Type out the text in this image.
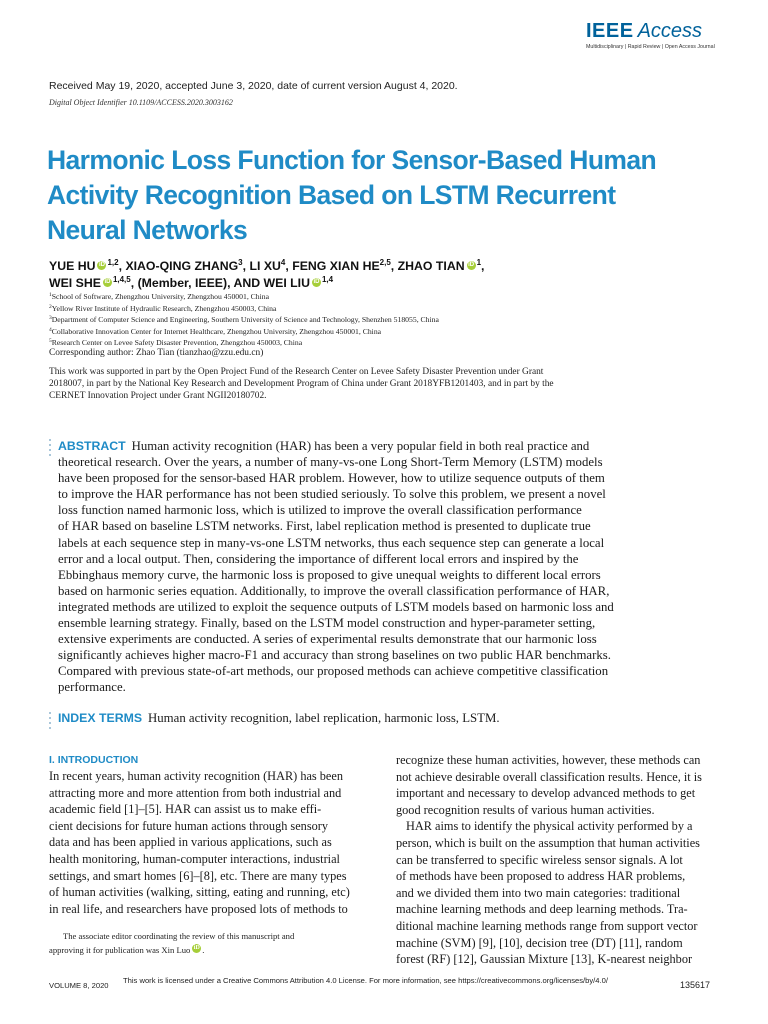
IEEE Access
Multidisciplinary | Rapid Review | Open Access Journal
Received May 19, 2020, accepted June 3, 2020, date of current version August 4, 2020.
Digital Object Identifier 10.1109/ACCESS.2020.3003162
Harmonic Loss Function for Sensor-Based Human
Activity Recognition Based on LSTM Recurrent
Neural Networks
YUE HU iD $^{1,2}$, XIAO-QING ZHANG$^3$, LI $XU^4$, FENG XIAN HE$^{2,5}$, ZHAO TIAN iD $^1$,
WEI SHE iD $^{1,4,5}$, (Member, IEEE), AND WEI LIU iD $^{1,4}$
$^1$School of Software, Zhengzhou University, Zhengzhou 450001, China
$^2$Yellow River Institute of Hydraulic Research, Zhengzhou 450003, China
$^3$Department of Computer Science and Engineering, Southern University of Science and Technology, Shenzhen 518055, China
$^4$Collaborative Innovation Center for Internet Healthcare, Zhengzhou University, Zhengzhou 450001, China
$^5$Research Center on Levee Safety Disaster Prevention, Zhengzhou 450003, China
Corresponding author: Zhao Tian (tianzhao@zzu.edu.cn)
This work was supported in part by the Open Project Fund of the Research Center on Levee Safety Disaster Prevention under Grant
2018007, in part by the National Key Research and Development Program of China under Grant 2018YFB1201403, and in part by the
CERNET Innovation Project under Grant NGII20180702.
ABSTRACT Human activity recognition (HAR) has been a very popular field in both real practice and
theoretical research. Over the years, a number of many-vs-one Long Short-Term Memory (LSTM) models
have been proposed for the sensor-based HAR problem. However, how to utilize sequence outputs of them
to improve the HAR performance has not been studied seriously. To solve this problem, we present a novel
loss function named harmonic loss, which is utilized to improve the overall classification performance
of HAR based on baseline LSTM networks. First, label replication method is presented to duplicate true
labels at each sequence step in many-vs-one LSTM networks, thus each sequence step can generate a local
error and a local output. Then, considering the importance of different local errors and inspired by the
Ebbinghaus memory curve, the harmonic loss is proposed to give unequal weights to different local errors
based on harmonic series equation. Additionally, to improve the overall classification performance of HAR,
integrated methods are utilized to exploit the sequence outputs of LSTM models based on harmonic loss and
ensemble learning strategy. Finally, based on the LSTM model construction and hyper-parameter setting,
extensive experiments are conducted. A series of experimental results demonstrate that our harmonic loss
significantly achieves higher macro-F1 and accuracy than strong baselines on two public HAR benchmarks.
Compared with previous state-of-art methods, our proposed methods can achieve competitive classification
performance.
INDEX TERMS Human activity recognition, label replication, harmonic loss, LSTM.
I. INTRODUCTION
In recent years, human activity recognition (HAR) has been
attracting more and more attention from both industrial and
academic field [1]–[5]. HAR can assist us to make effi-
cient decisions for future human actions through sensory
data and has been applied in various applications, such as
health monitoring, human-computer interactions, industrial
settings, and smart homes [6]–[8], etc. There are many types
of human activities (walking, sitting, eating and running, etc)
in real life, and researchers have proposed lots of methods to
recognize these human activities, however, these methods can
not achieve desirable overall classification results. Hence, it is
important and necessary to develop advanced methods to get
good recognition results of various human activities.
HAR aims to identify the physical activity performed by a
person, which is built on the assumption that human activities
can be transferred to specific wireless sensor signals. A lot
of methods have been proposed to address HAR problems,
and we divided them into two main categories: traditional
machine learning methods and deep learning methods. Tra-
ditional machine learning methods range from support vector
machine (SVM) [9], [10], decision tree (DT) [11], random
forest (RF) [12], Gaussian Mixture [13], K-nearest neighbor
The associate editor coordinating the review of this manuscript and
approving it for publication was Xin Luo iD .
VOLUME 8, 2020
This work is licensed under a Creative Commons Attribution 4.0 License. For more information, see https://creativecommons.org/licenses/by/4.0/	135617
